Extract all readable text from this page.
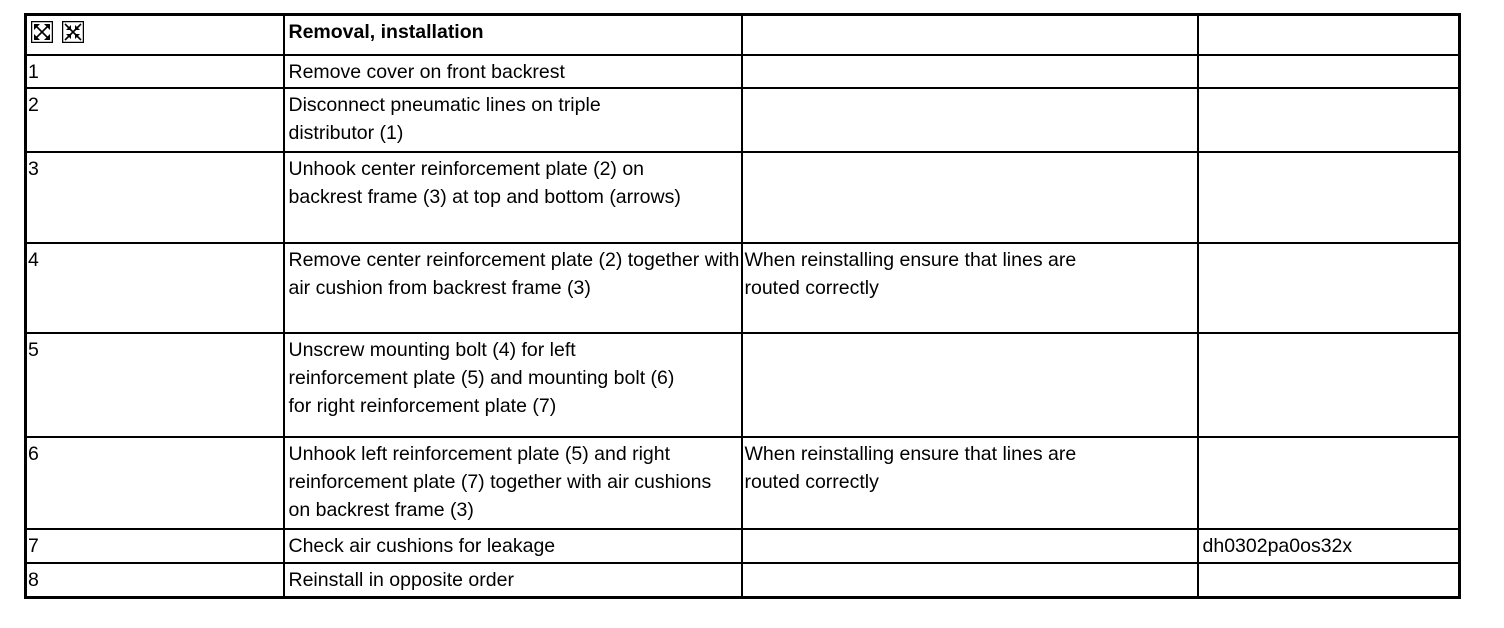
	Removal, installation		
1	Remove cover on front backrest		
2	Disconnect pneumatic lines on triple distributor (1)		
3	Unhook center reinforcement plate (2) on backrest frame (3) at top and bottom (arrows)		
4	Remove center reinforcement plate (2) together with air cushion from backrest frame (3)	When reinstalling ensure that lines are routed correctly	
5	Unscrew mounting bolt (4) for left reinforcement plate (5) and mounting bolt (6) for right reinforcement plate (7)		
6	Unhook left reinforcement plate (5) and right reinforcement plate (7) together with air cushions on backrest frame (3)	When reinstalling ensure that lines are routed correctly	
7	Check air cushions for leakage		dh0302pa0os32x
8	Reinstall in opposite order		
